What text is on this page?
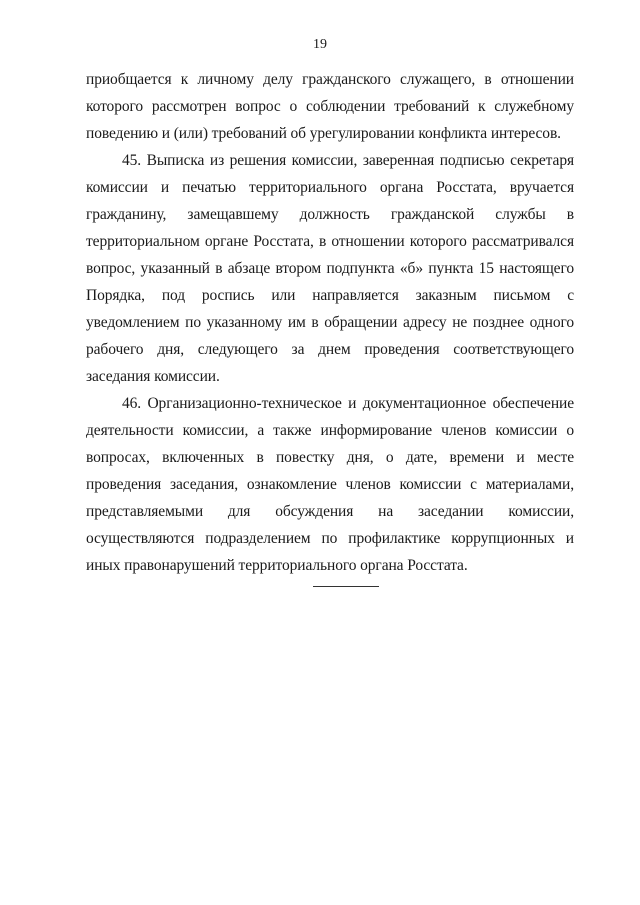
19

приобщается к личному делу гражданского служащего, в отношении которого рассмотрен вопрос о соблюдении требований к служебному поведению и (или) требований об урегулировании конфликта интересов.

45. Выписка из решения комиссии, заверенная подписью секретаря комиссии и печатью территориального органа Росстата, вручается гражданину, замещавшему должность гражданской службы в территориальном органе Росстата, в отношении которого рассматривался вопрос, указанный в абзаце втором подпункта «б» пункта 15 настоящего Порядка, под роспись или направляется заказным письмом с уведомлением по указанному им в обращении адресу не позднее одного рабочего дня, следующего за днем проведения соответствующего заседания комиссии.

46. Организационно-техническое и документационное обеспечение деятельности комиссии, а также информирование членов комиссии о вопросах, включенных в повестку дня, о дате, времени и месте проведения заседания, ознакомление членов комиссии с материалами, представляемыми для обсуждения на заседании комиссии, осуществляются подразделением по профилактике коррупционных и иных правонарушений территориального органа Росстата.
